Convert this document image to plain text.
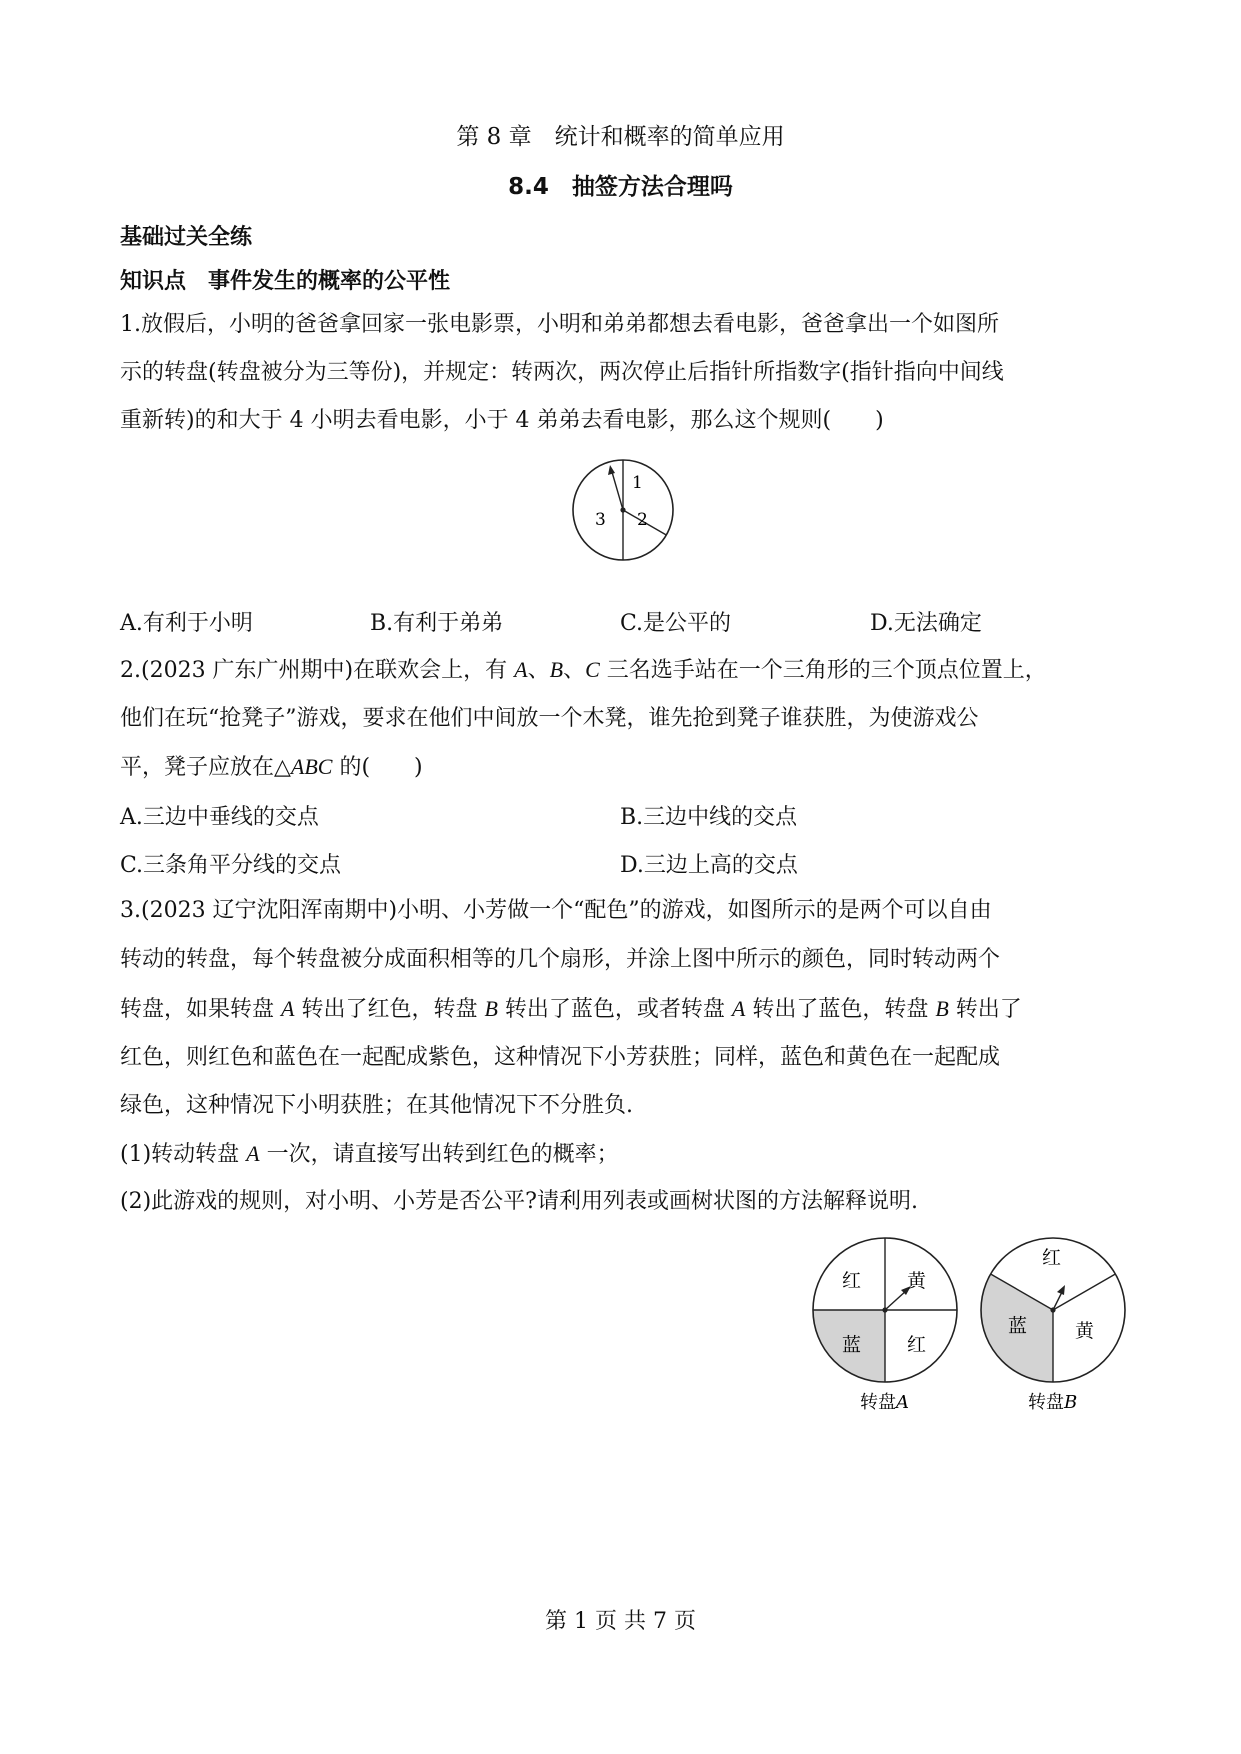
第 8 章　统计和概率的简单应用
8.4　抽签方法合理吗
基础过关全练
知识点　事件发生的概率的公平性
1.放假后，小明的爸爸拿回家一张电影票，小明和弟弟都想去看电影，爸爸拿出一个如图所
示的转盘(转盘被分为三等份)，并规定：转两次，两次停止后指针所指数字(指针指向中间线
重新转)的和大于 4 小明去看电影，小于 4 弟弟去看电影，那么这个规则(　　)
1
2
3
A.有利于小明	B.有利于弟弟	C.是公平的	D.无法确定
2.(2023 广东广州期中)在联欢会上，有 A、B、C 三名选手站在一个三角形的三个顶点位置上，
他们在玩“抢凳子”游戏，要求在他们中间放一个木凳，谁先抢到凳子谁获胜，为使游戏公
平，凳子应放在△ABC 的(　　)
A.三边中垂线的交点	B.三边中线的交点
C.三条角平分线的交点	D.三边上高的交点
3.(2023 辽宁沈阳浑南期中)小明、小芳做一个“配色”的游戏，如图所示的是两个可以自由
转动的转盘，每个转盘被分成面积相等的几个扇形，并涂上图中所示的颜色，同时转动两个
转盘，如果转盘 A 转出了红色，转盘 B 转出了蓝色，或者转盘 A 转出了蓝色，转盘 B 转出了
红色，则红色和蓝色在一起配成紫色，这种情况下小芳获胜；同样，蓝色和黄色在一起配成
绿色，这种情况下小明获胜；在其他情况下不分胜负.
(1)转动转盘 A 一次，请直接写出转到红色的概率；
(2)此游戏的规则，对小明、小芳是否公平?请利用列表或画树状图的方法解释说明.
红 黄
蓝 红
转盘A
红
黄
蓝
转盘B
第 1 页 共 7 页
